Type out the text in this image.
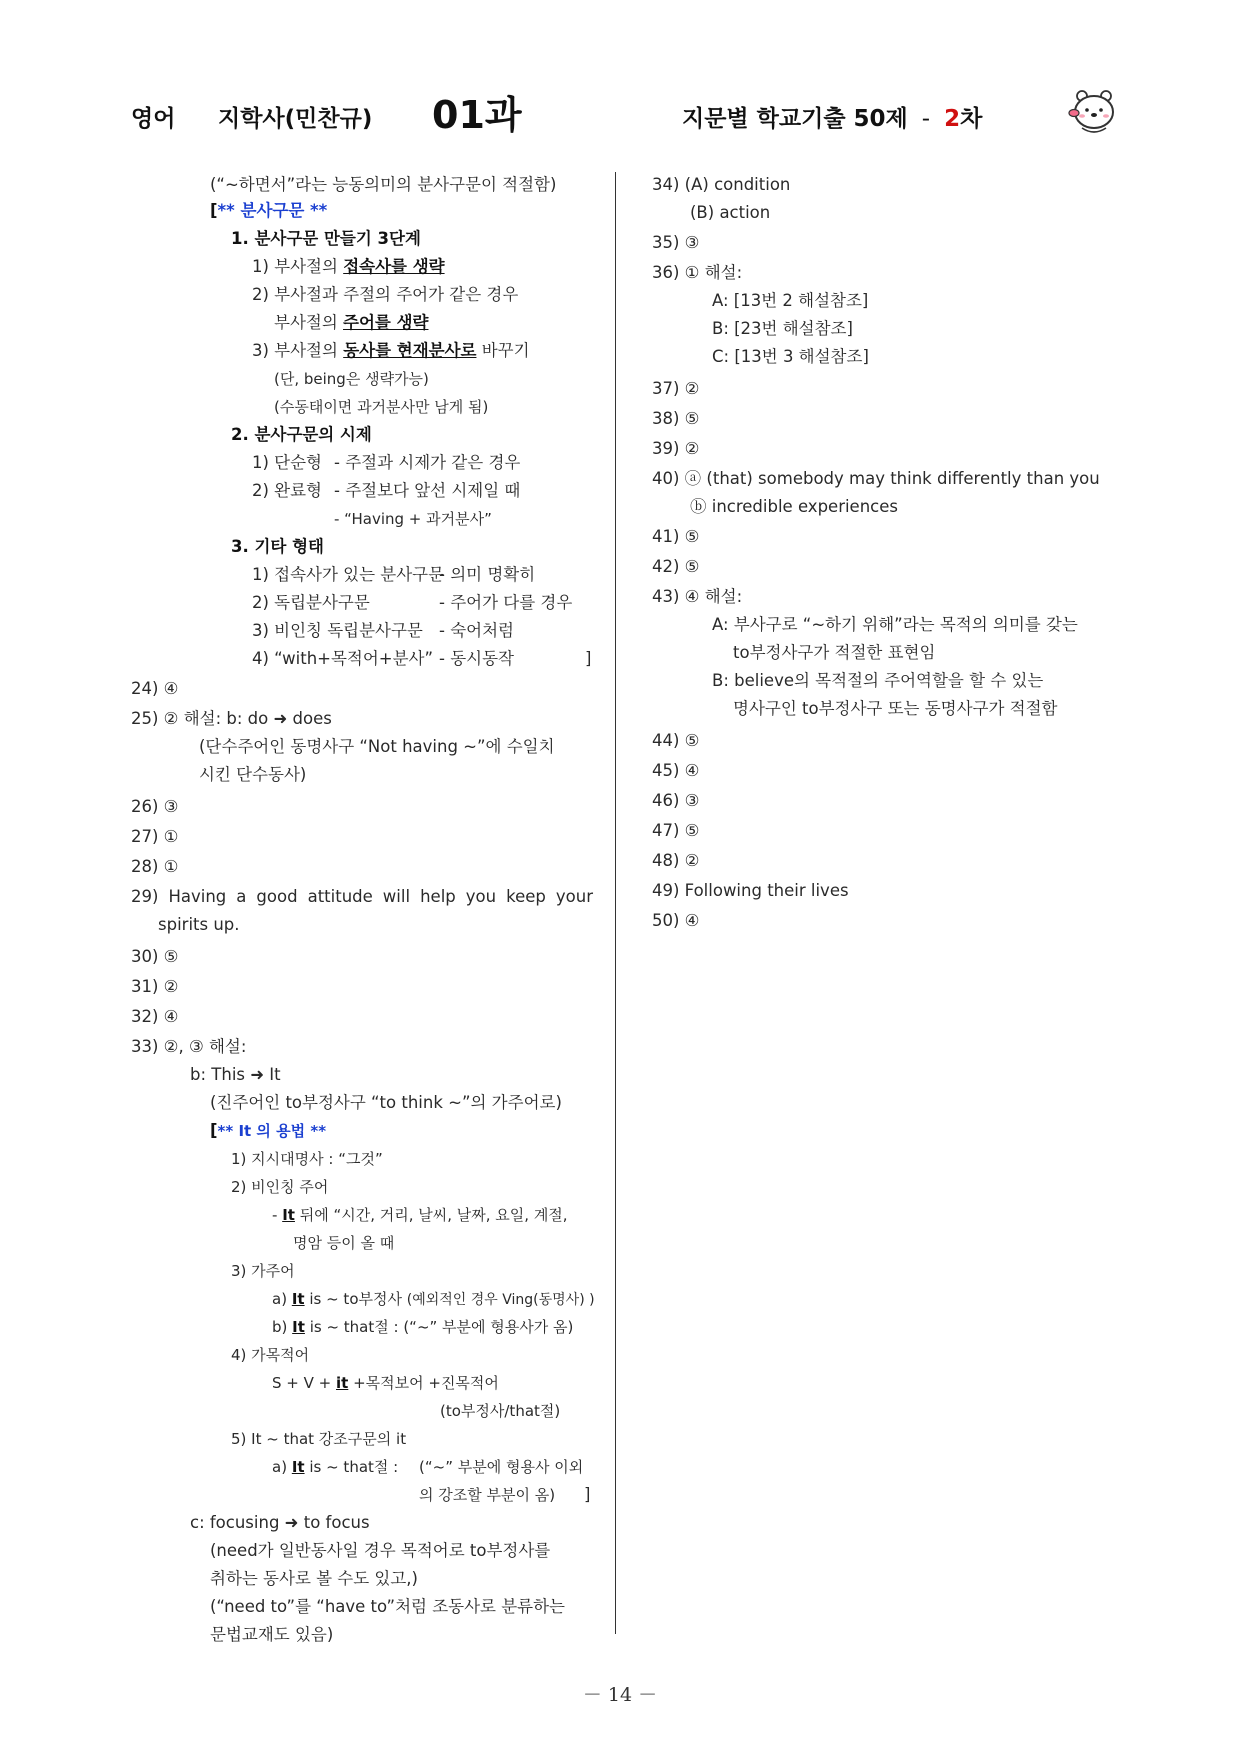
영어 지학사(민찬규) 01과	지문별 학교기출 50제 - 2차
(“~하면서”라는 능동의미의 분사구문이 적절함)
[** 분사구문 **
1. 분사구문 만들기 3단계
1) 부사절의 접속사를 생략
2) 부사절과 주절의 주어가 같은 경우
부사절의 주어를 생략
3) 부사절의 동사를 현재분사로 바꾸기
(단, being은 생략가능)
(수동태이면 과거분사만 남게 됨)
2. 분사구문의 시제
1) 단순형 - 주절과 시제가 같은 경우
2) 완료형 - 주절보다 앞선 시제일 때
- “Having + 과거분사”
3. 기타 형태
1) 접속사가 있는 분사구문
- 의미 명확히
2) 독립분사구문	- 주어가 다를 경우
3) 비인칭 독립분사구문 - 숙어처럼
4) “with+목적어+분사” - 동시동작	]
24) ④
25) ② 해설: b: do ➜ does
(단수주어인 동명사구 “Not having ~”에 수일치
시킨 단수동사)
26) ③
27) ①
28) ①
29) Having a good attitude will help you keep your
spirits up.
30) ⑤
31) ②
32) ④
33) ②, ③ 해설:
b: This ➜ It
(진주어인 to부정사구 “to think ~”의 가주어로)
[** It 의 용법 **
1) 지시대명사 : “그것”
2) 비인칭 주어
- It 뒤에 “시간, 거리, 날씨, 날짜, 요일, 계절,
명암 등이 올 때
3) 가주어
a) It is ~ to부정사 (예외적인 경우 Ving(동명사) )
b) It is ~ that절 : (“~” 부분에 형용사가 옴)
4) 가목적어
S + V + it +목적보어 +진목적어
(to부정사/that절)
5) It ~ that 강조구문의 it
a) It is ~ that절 : (“~” 부분에 형용사 이외
의 강조할 부분이 옴) ]
c: focusing ➜ to focus
(need가 일반동사일 경우 목적어로 to부정사를
취하는 동사로 볼 수도 있고,)
(“need to”를 “have to”처럼 조동사로 분류하는
문법교재도 있음)
34) (A) condition
(B) action
35) ③
36) ① 해설:
A: [13번 2 해설참조]
B: [23번 해설참조]
C: [13번 3 해설참조]
37) ②
38) ⑤
39) ②
40) ⓐ (that) somebody may think differently than you
ⓑ incredible experiences
41) ⑤
42) ⑤
43) ④ 해설:
A: 부사구로 “~하기 위해”라는 목적의 의미를 갖는
to부정사구가 적절한 표현임
B: believe의 목적절의 주어역할을 할 수 있는
명사구인 to부정사구 또는 동명사구가 적절함
44) ⑤
45) ④
46) ③
47) ⑤
48) ②
49) Following their lives
50) ④
－ 14 －
